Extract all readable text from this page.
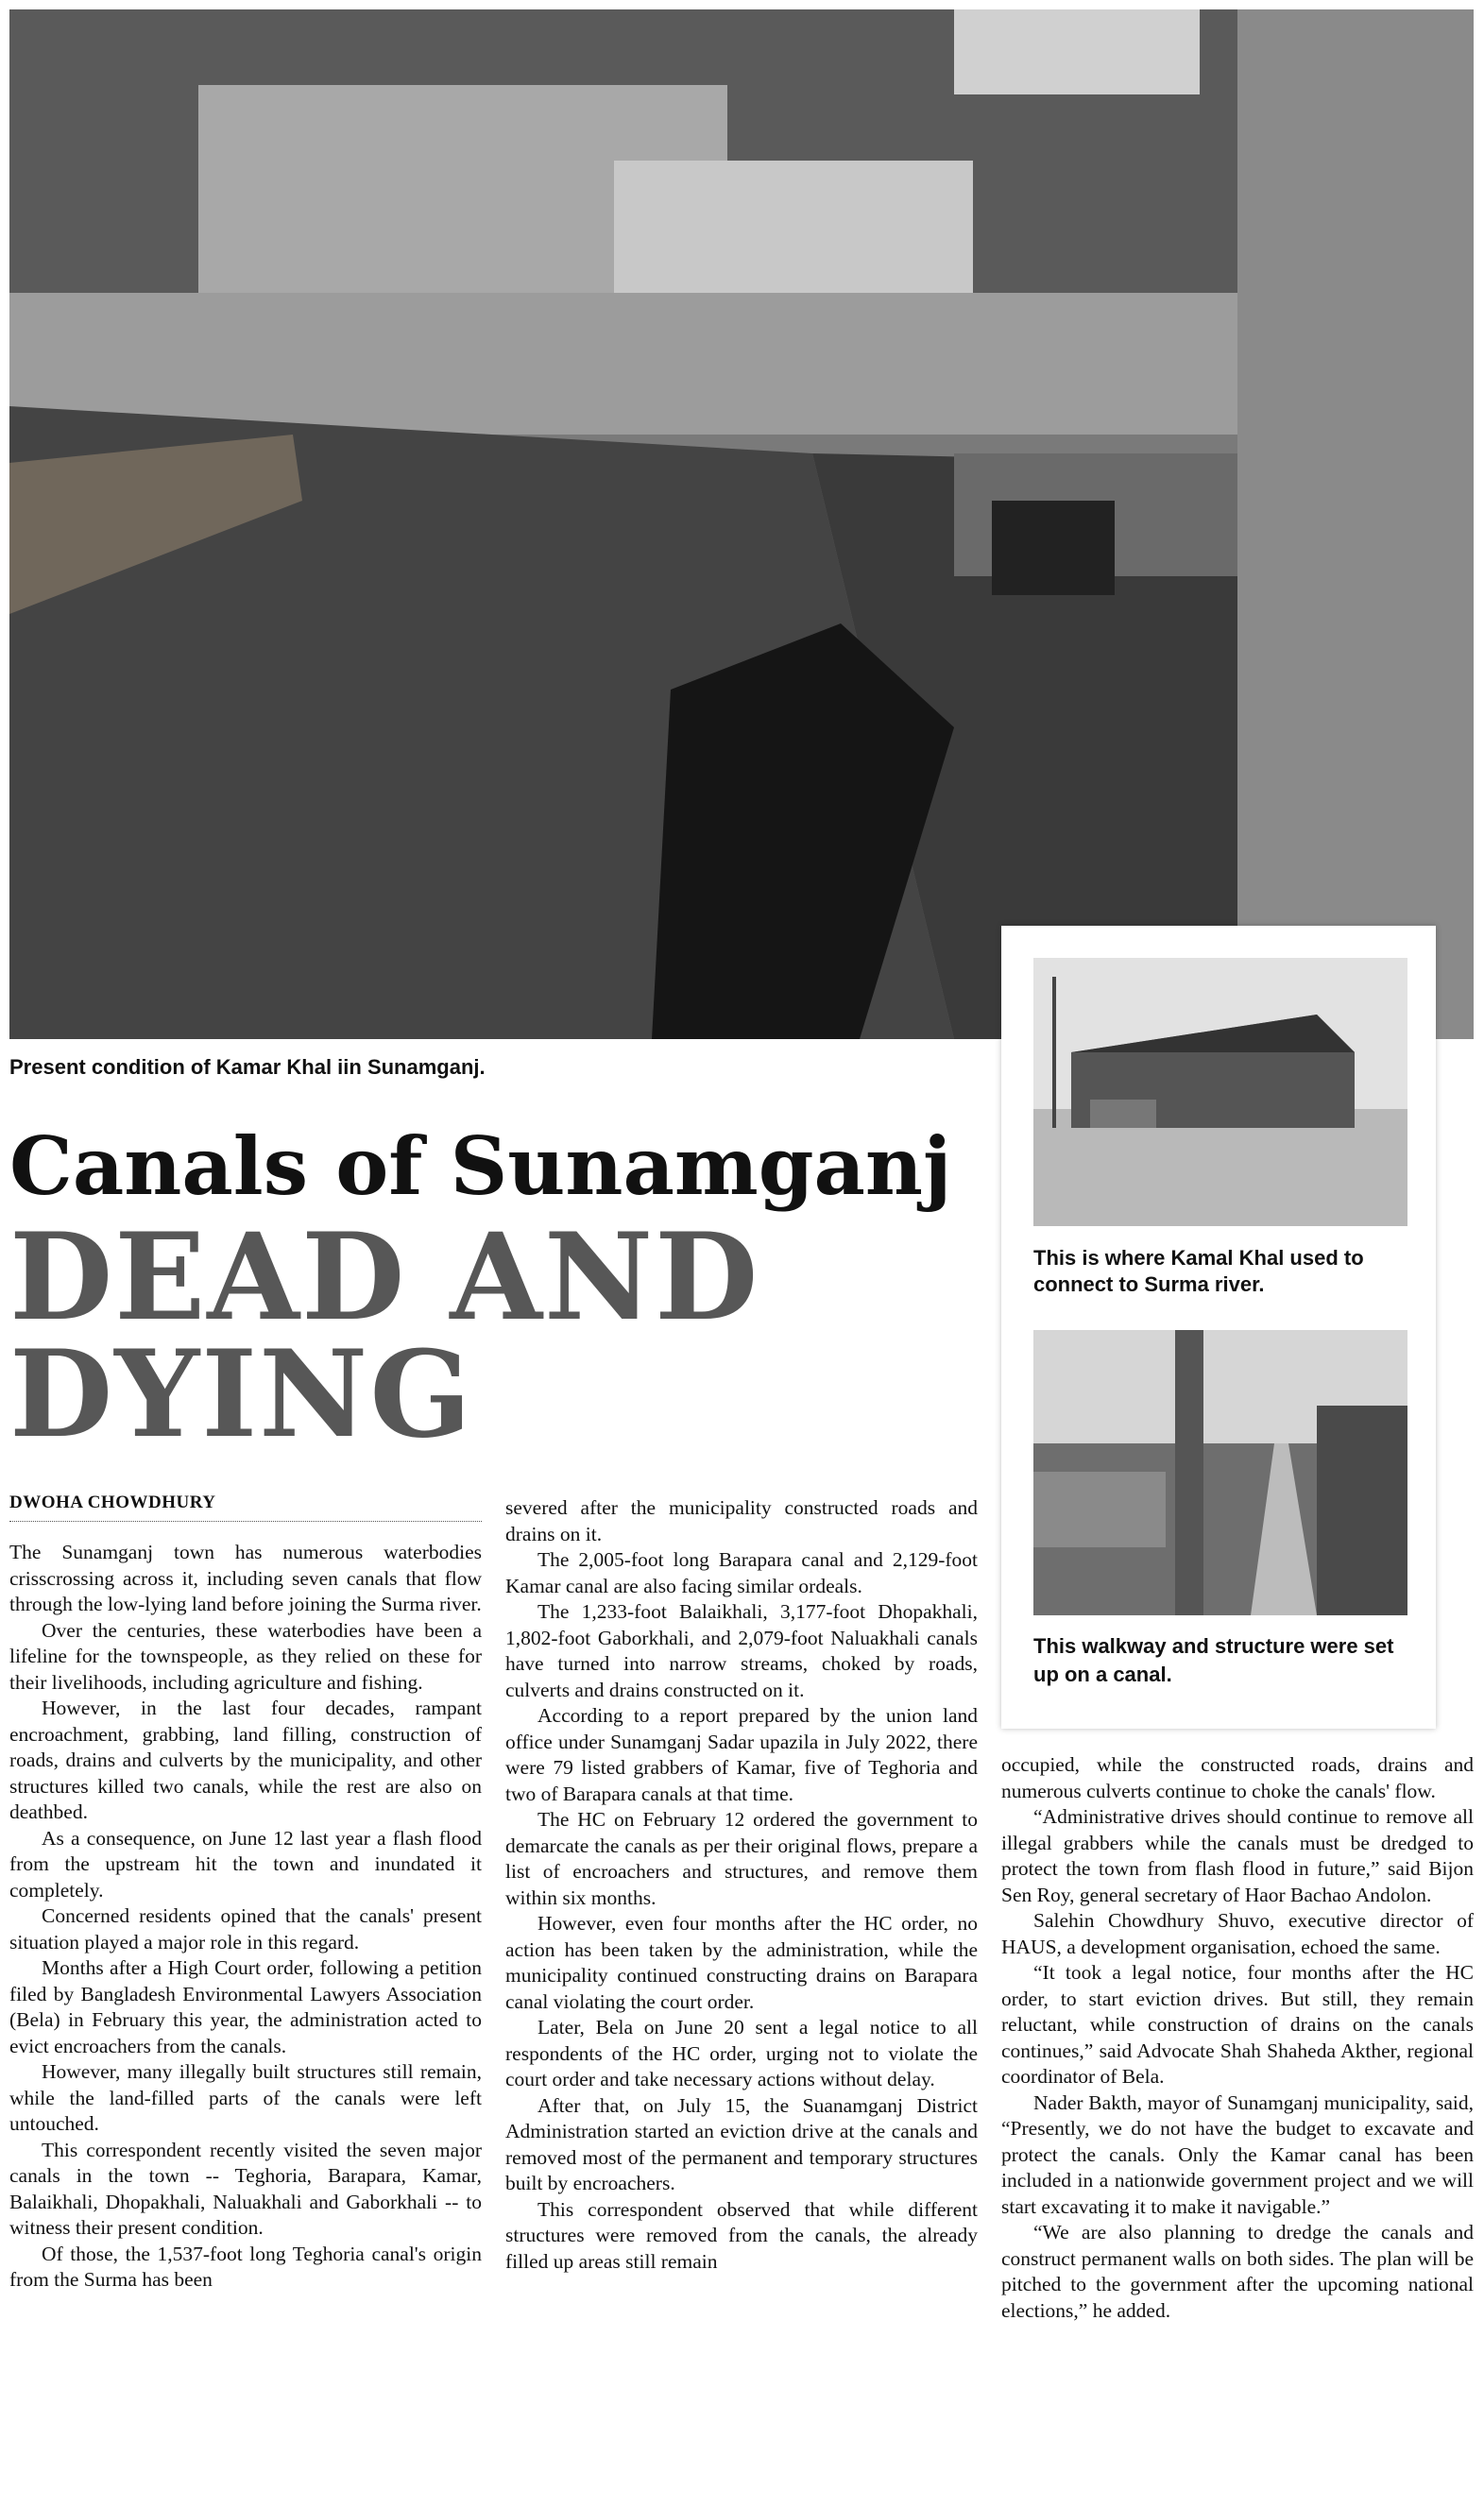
Present condition of Kamar Khal iin Sunamganj.
This is where Kamal Khal used to connect to Surma river.
This walkway and structure were set up on a canal.
Canals of Sunamganj
DEAD AND
DYING
DWOHA CHOWDHURY

The Sunamganj town has numerous waterbodies crisscrossing across it, including seven canals that flow through the low-lying land before joining the Surma river.

Over the centuries, these waterbodies have been a lifeline for the townspeople, as they relied on these for their livelihoods, including agriculture and fishing.

However, in the last four decades, rampant encroachment, grabbing, land filling, construction of roads, drains and culverts by the municipality, and other structures killed two canals, while the rest are also on deathbed.

As a consequence, on June 12 last year a flash flood from the upstream hit the town and inundated it completely.

Concerned residents opined that the canals' present situation played a major role in this regard.

Months after a High Court order, following a petition filed by Bangladesh Environmental Lawyers Association (Bela) in February this year, the administration acted to evict encroachers from the canals.

However, many illegally built structures still remain, while the land-filled parts of the canals were left untouched.

This correspondent recently visited the seven major canals in the town -- Teghoria, Barapara, Kamar, Balaikhali, Dhopakhali, Naluakhali and Gaborkhali -- to witness their present condition.

Of those, the 1,537-foot long Teghoria canal's origin from the Surma has been

severed after the municipality constructed roads and drains on it.

The 2,005-foot long Barapara canal and 2,129-foot Kamar canal are also facing similar ordeals.

The 1,233-foot Balaikhali, 3,177-foot Dhopakhali, 1,802-foot Gaborkhali, and 2,079-foot Naluakhali canals have turned into narrow streams, choked by roads, culverts and drains constructed on it.

According to a report prepared by the union land office under Sunamganj Sadar upazila in July 2022, there were 79 listed grabbers of Kamar, five of Teghoria and two of Barapara canals at that time.

The HC on February 12 ordered the government to demarcate the canals as per their original flows, prepare a list of encroachers and structures, and remove them within six months.

However, even four months after the HC order, no action has been taken by the administration, while the municipality continued constructing drains on Barapara canal violating the court order.

Later, Bela on June 20 sent a legal notice to all respondents of the HC order, urging not to violate the court order and take necessary actions without delay.

After that, on July 15, the Suanamganj District Administration started an eviction drive at the canals and removed most of the permanent and temporary structures built by encroachers.

This correspondent observed that while different structures were removed from the canals, the already filled up areas still remain

occupied, while the constructed roads, drains and numerous culverts continue to choke the canals' flow.

“Administrative drives should continue to remove all illegal grabbers while the canals must be dredged to protect the town from flash flood in future,” said Bijon Sen Roy, general secretary of Haor Bachao Andolon.

Salehin Chowdhury Shuvo, executive director of HAUS, a development organisation, echoed the same.

“It took a legal notice, four months after the HC order, to start eviction drives. But still, they remain reluctant, while construction of drains on the canals continues,” said Advocate Shah Shaheda Akther, regional coordinator of Bela.

Nader Bakth, mayor of Sunamganj municipality, said, “Presently, we do not have the budget to excavate and protect the canals. Only the Kamar canal has been included in a nationwide government project and we will start excavating it to make it navigable.”

“We are also planning to dredge the canals and construct permanent walls on both sides. The plan will be pitched to the government after the upcoming national elections,” he added.
